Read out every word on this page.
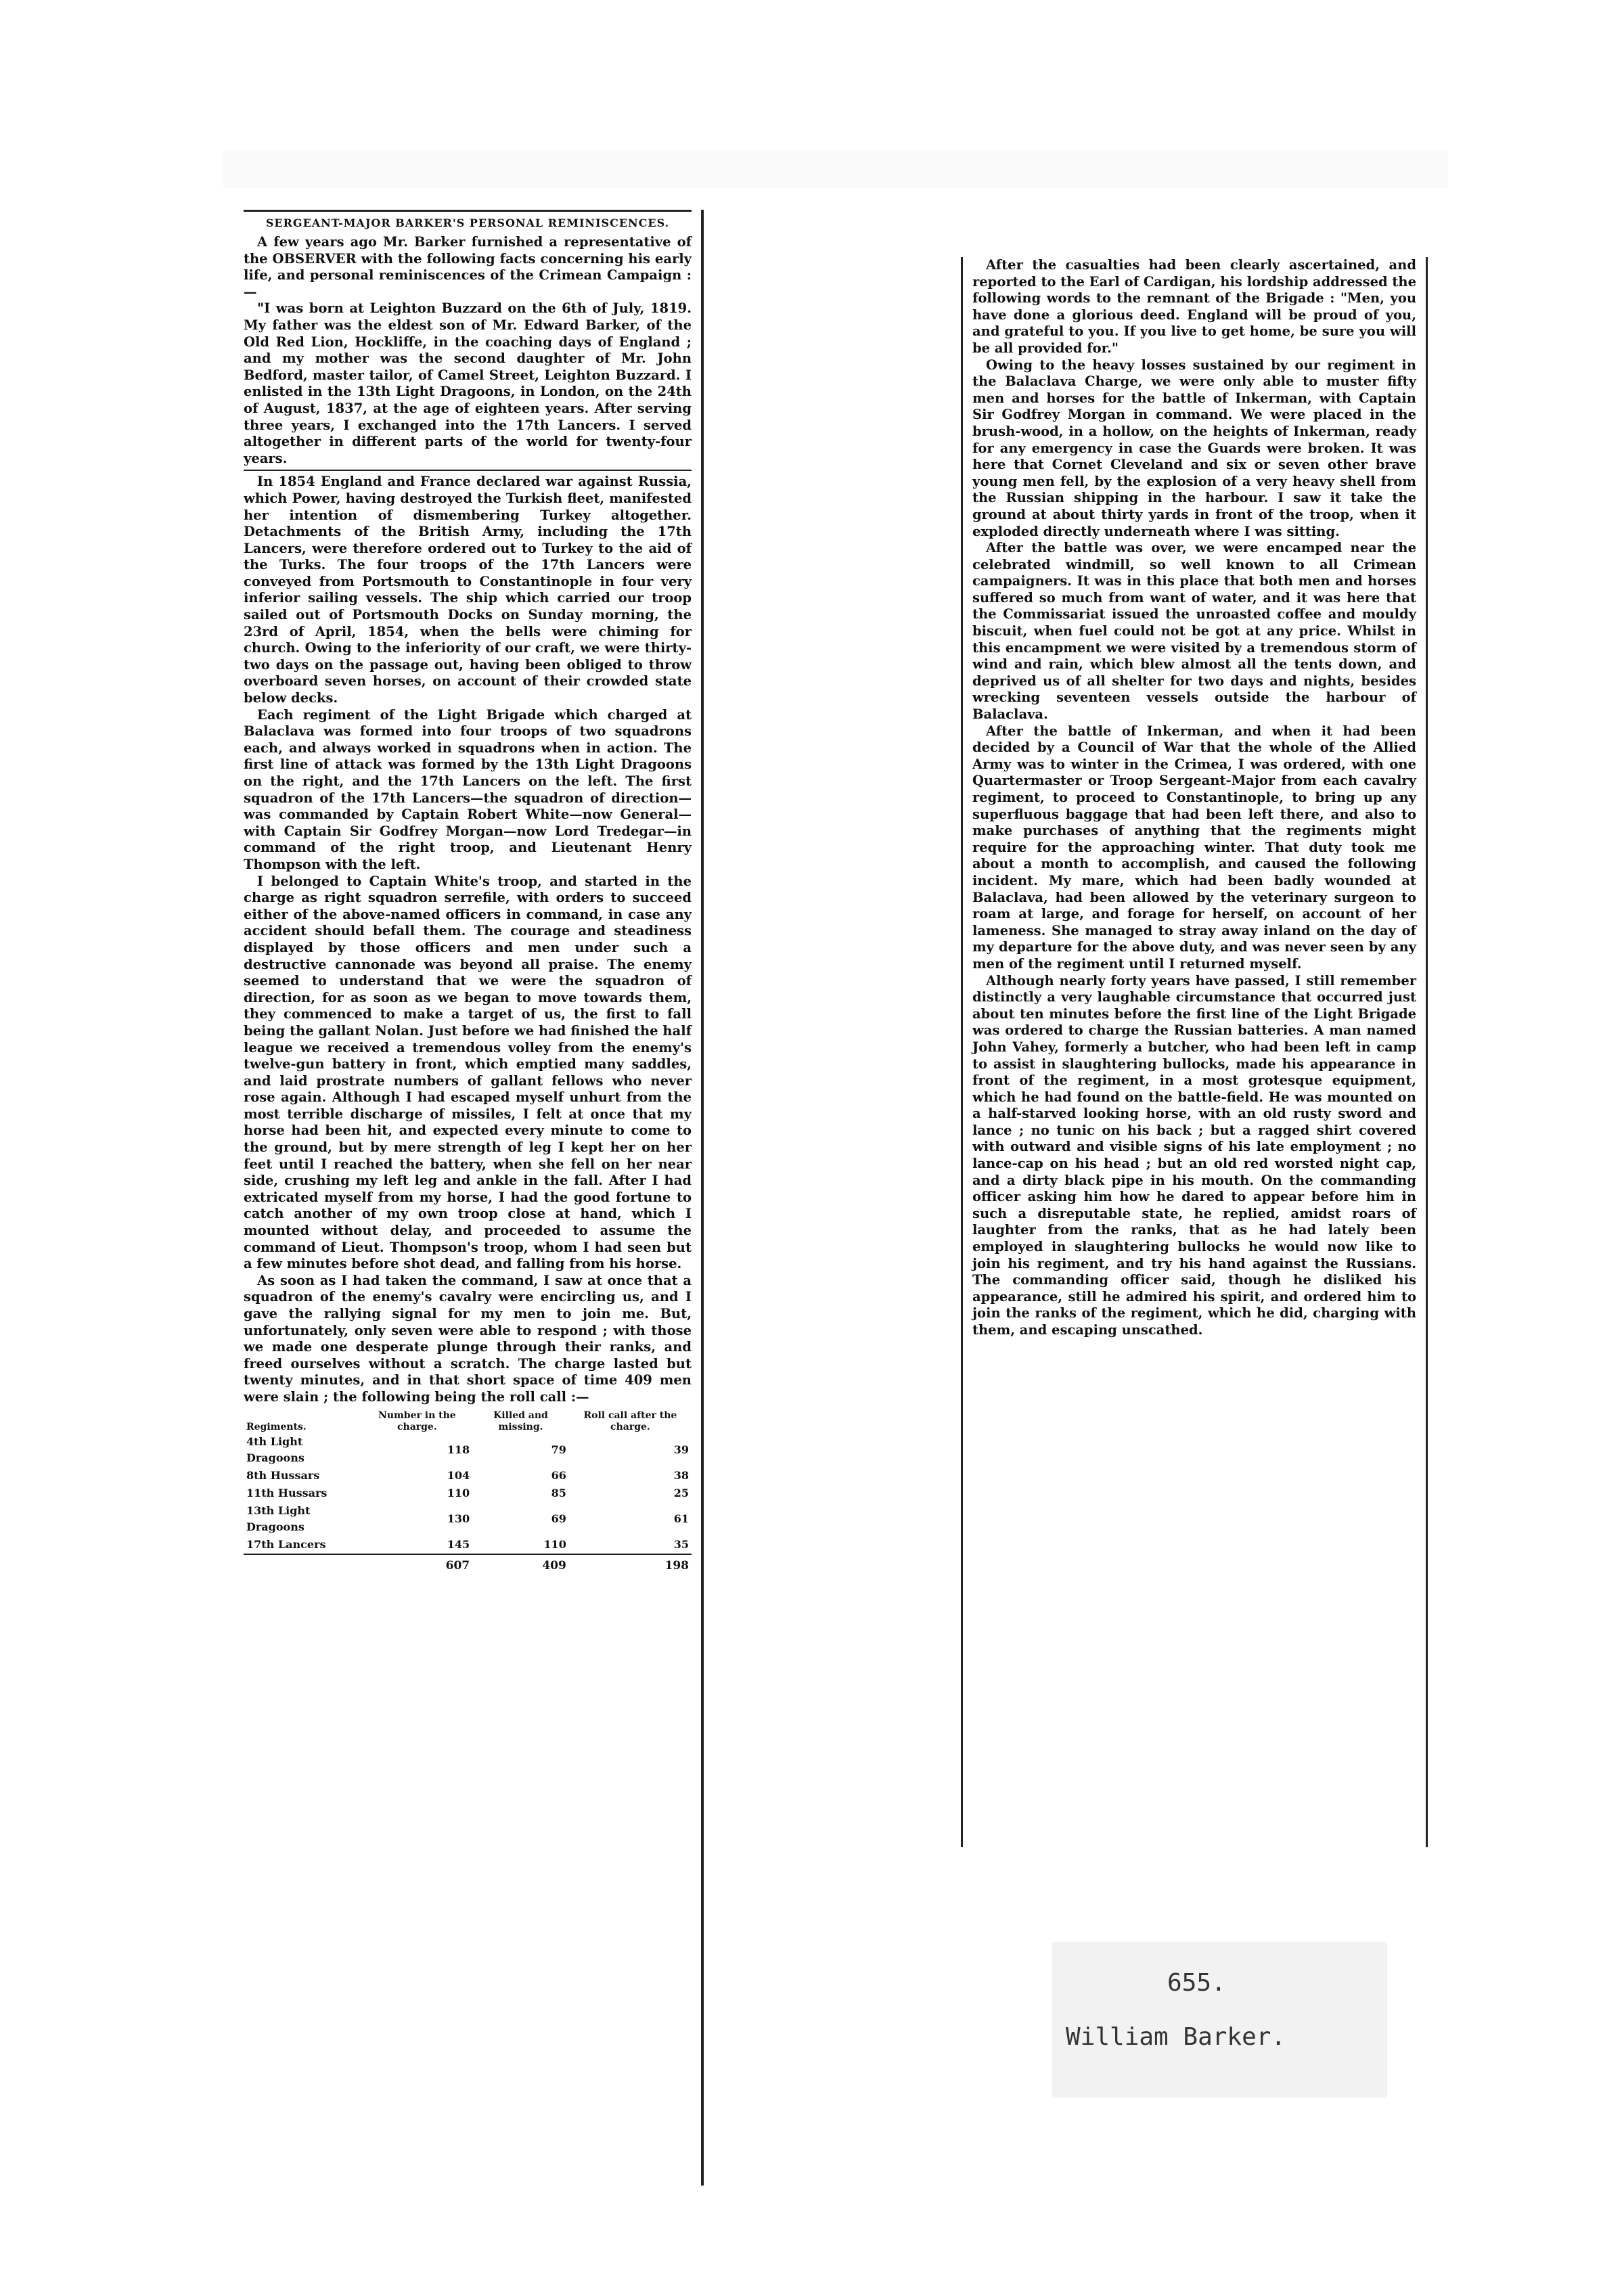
SERGEANT-MAJOR BARKER'S PERSONAL REMINISCENCES.

A few years ago Mr. Barker furnished a representative of the OBSERVER with the following facts concerning his early life, and personal reminiscences of the Crimean Campaign :—

"I was born at Leighton Buzzard on the 6th of July, 1819. My father was the eldest son of Mr. Edward Barker, of the Old Red Lion, Hockliffe, in the coaching days of England ; and my mother was the second daughter of Mr. John Bedford, master tailor, of Camel Street, Leighton Buzzard. I enlisted in the 13th Light Dragoons, in London, on the 24th of August, 1837, at the age of eighteen years. After serving three years, I exchanged into the 17th Lancers. I served altogether in different parts of the world for twenty-four years.

In 1854 England and France declared war against Russia, which Power, having destroyed the Turkish fleet, manifested her intention of dismembering Turkey altogether. Detachments of the British Army, including the 17th Lancers, were therefore ordered out to Turkey to the aid of the Turks. The four troops of the 17th Lancers were conveyed from Portsmouth to Constantinople in four very inferior sailing vessels. The ship which carried our troop sailed out of Portsmouth Docks on Sunday morning, the 23rd of April, 1854, when the bells were chiming for church. Owing to the inferiority of our craft, we were thirty-two days on the passage out, having been obliged to throw overboard seven horses, on account of their crowded state below decks.

Each regiment of the Light Brigade which charged at Balaclava was formed into four troops of two squadrons each, and always worked in squadrons when in action. The first line of attack was formed by the 13th Light Dragoons on the right, and the 17th Lancers on the left. The first squadron of the 17th Lancers—the squadron of direction—was commanded by Captain Robert White—now General—with Captain Sir Godfrey Morgan—now Lord Tredegar—in command of the right troop, and Lieutenant Henry Thompson with the left.

I belonged to Captain White's troop, and started in the charge as right squadron serrefile, with orders to succeed either of the above-named officers in command, in case any accident should befall them. The courage and steadiness displayed by those officers and men under such a destructive cannonade was beyond all praise. The enemy seemed to understand that we were the squadron of direction, for as soon as we began to move towards them, they commenced to make a target of us, the first to fall being the gallant Nolan. Just before we had finished the half league we received a tremendous volley from the enemy's twelve-gun battery in front, which emptied many saddles, and laid prostrate numbers of gallant fellows who never rose again. Although I had escaped myself unhurt from the most terrible discharge of missiles, I felt at once that my horse had been hit, and expected every minute to come to the ground, but by mere strength of leg I kept her on her feet until I reached the battery, when she fell on her near side, crushing my left leg and ankle in the fall. After I had extricated myself from my horse, I had the good fortune to catch another of my own troop close at hand, which I mounted without delay, and proceeded to assume the command of Lieut. Thompson's troop, whom I had seen but a few minutes before shot dead, and falling from his horse.

As soon as I had taken the command, I saw at once that a squadron of the enemy's cavalry were encircling us, and I gave the rallying signal for my men to join me. But, unfortunately, only seven were able to respond ; with those we made one desperate plunge through their ranks, and freed ourselves without a scratch. The charge lasted but twenty minutes, and in that short space of time 409 men were slain ; the following being the roll call :—

Regiments.	Number in the charge.	Killed and missing.	Roll call after the charge.
4th Light Dragoons	118	79	39
8th Hussars	104	66	38
11th Hussars	110	85	25
13th Light Dragoons	130	69	61
17th Lancers	145	110	35
	607	409	198

After the casualties had been clearly ascertained, and reported to the Earl of Cardigan, his lordship addressed the following words to the remnant of the Brigade : "Men, you have done a glorious deed. England will be proud of you, and grateful to you. If you live to get home, be sure you will be all provided for."

Owing to the heavy losses sustained by our regiment in the Balaclava Charge, we were only able to muster fifty men and horses for the battle of Inkerman, with Captain Sir Godfrey Morgan in command. We were placed in the brush-wood, in a hollow, on the heights of Inkerman, ready for any emergency in case the Guards were broken. It was here that Cornet Cleveland and six or seven other brave young men fell, by the explosion of a very heavy shell from the Russian shipping in the harbour. I saw it take the ground at about thirty yards in front of the troop, when it exploded directly underneath where I was sitting.

After the battle was over, we were encamped near the celebrated windmill, so well known to all Crimean campaigners. It was in this place that both men and horses suffered so much from want of water, and it was here that the Commissariat issued the unroasted coffee and mouldy biscuit, when fuel could not be got at any price. Whilst in this encampment we were visited by a tremendous storm of wind and rain, which blew almost all the tents down, and deprived us of all shelter for two days and nights, besides wrecking seventeen vessels outside the harbour of Balaclava.

After the battle of Inkerman, and when it had been decided by a Council of War that the whole of the Allied Army was to winter in the Crimea, I was ordered, with one Quartermaster or Troop Sergeant-Major from each cavalry regiment, to proceed to Constantinople, to bring up any superfluous baggage that had been left there, and also to make purchases of anything that the regiments might require for the approaching winter. That duty took me about a month to accomplish, and caused the following incident. My mare, which had been badly wounded at Balaclava, had been allowed by the veterinary surgeon to roam at large, and forage for herself, on account of her lameness. She managed to stray away inland on the day of my departure for the above duty, and was never seen by any men of the regiment until I returned myself.

Although nearly forty years have passed, I still remember distinctly a very laughable circumstance that occurred just about ten minutes before the first line of the Light Brigade was ordered to charge the Russian batteries. A man named John Vahey, formerly a butcher, who had been left in camp to assist in slaughtering bullocks, made his appearance in front of the regiment, in a most grotesque equipment, which he had found on the battle-field. He was mounted on a half-starved looking horse, with an old rusty sword and lance ; no tunic on his back ; but a ragged shirt covered with outward and visible signs of his late employment ; no lance-cap on his head ; but an old red worsted night cap, and a dirty black pipe in his mouth. On the commanding officer asking him how he dared to appear before him in such a disreputable state, he replied, amidst roars of laughter from the ranks, that as he had lately been employed in slaughtering bullocks he would now like to join his regiment, and try his hand against the Russians. The commanding officer said, though he disliked his appearance, still he admired his spirit, and ordered him to join the ranks of the regiment, which he did, charging with them, and escaping unscathed.

655.
William Barker.
